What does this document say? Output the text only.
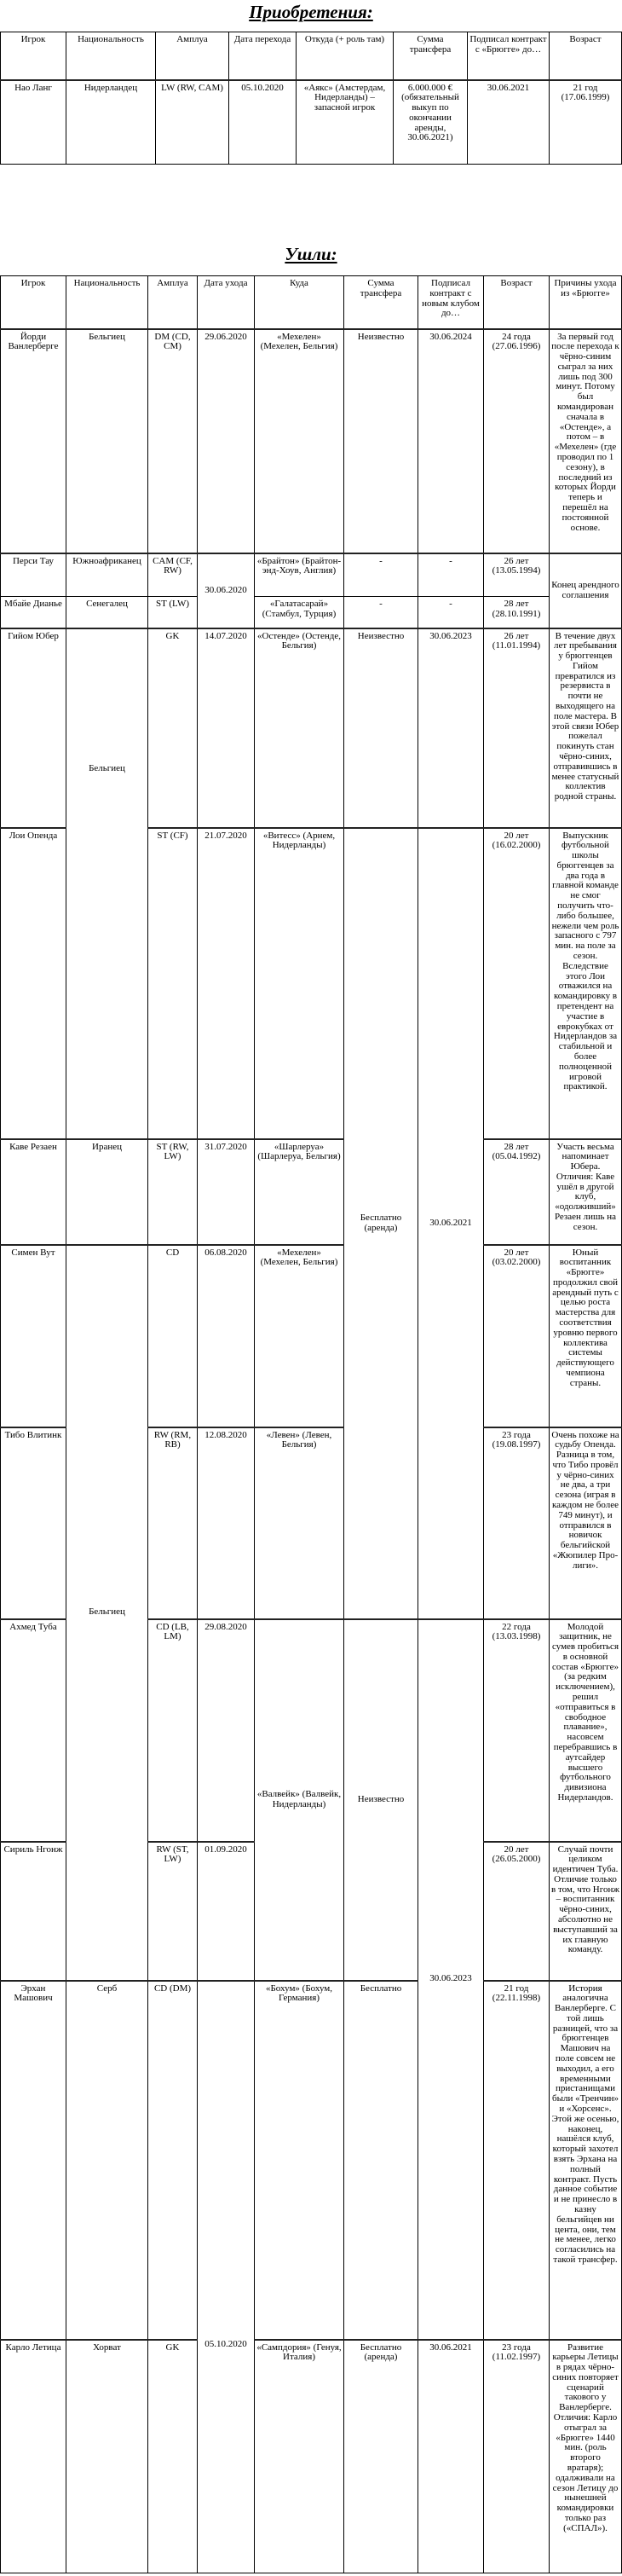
Приобретения:
Игрок	Национальность	Амплуа	Дата перехода	Откуда (+ роль там)	Сумма трансфера	Подписал контракт с «Брюгге» до…	Возраст
Нао Ланг	Нидерландец	LW (RW, CAM)	05.10.2020	«Аякс» (Амстердам, Нидерланды) – запасной игрок	6.000.000 € (обязательный выкуп по окончании аренды, 30.06.2021)	30.06.2021	21 год (17.06.1999)
Ушли:
Игрок	Национальность	Амплуа	Дата ухода	Куда	Сумма трансфера	Подписал контракт с новым клубом до…	Возраст	Причины ухода из «Брюгге»
Йорди Ванлерберге	Бельгиец	DM (CD, CM)	29.06.2020	«Мехелен» (Мехелен, Бельгия)	Неизвестно	30.06.2024	24 года (27.06.1996)	За первый год после перехода к чёрно-синим сыграл за них лишь под 300 минут. Потому был командирован сначала в «Остенде», а потом – в «Мехелен» (где проводил по 1 сезону), в последний из которых Йорди теперь и перешёл на постоянной основе.
Перси Тау	Южноафриканец	CAM (CF, RW)	30.06.2020	«Брайтон» (Брайтон-энд-Хоув, Англия)	-	-	26 лет (13.05.1994)	Конец арендного соглашения
Мбайе Дианье	Сенегалец	ST (LW)		«Галатасарай» (Стамбул, Турция)	-	-	28 лет (28.10.1991)	
Гийом Юбер	Бельгиец	GK	14.07.2020	«Остенде» (Остенде, Бельгия)	Неизвестно	30.06.2023	26 лет (11.01.1994)	В течение двух лет пребывания у брюггенцев Гийом превратился из резервиста в почти не выходящего на поле мастера. В этой связи Юбер пожелал покинуть стан чёрно-синих, отправившись в менее статусный коллектив родной страны.
Лои Опенда		ST (CF)	21.07.2020	«Витесс» (Арнем, Нидерланды)	Бесплатно (аренда)	30.06.2021	20 лет (16.02.2000)	Выпускник футбольной школы брюггенцев за два года в главной команде не смог получить что-либо большее, нежели чем роль запасного с 797 мин. на поле за сезон. Вследствие этого Лои отважился на командировку в претендент на участие в еврокубках от Нидерландов за стабильной и более полноценной игровой практикой.
Каве Резаен	Иранец	ST (RW, LW)	31.07.2020	«Шарлеруа» (Шарлеруа, Бельгия)			28 лет (05.04.1992)	Участь весьма напоминает Юбера. Отличия: Каве ушёл в другой клуб, «одолживший» Резаен лишь на сезон.
Симен Вут	Бельгиец	CD	06.08.2020	«Мехелен» (Мехелен, Бельгия)			20 лет (03.02.2000)	Юный воспитанник «Брюгге» продолжил свой арендный путь с целью роста мастерства для соответствия уровню первого коллектива системы действующего чемпиона страны.
Тибо Влитинк		RW (RM, RB)	12.08.2020	«Левен» (Левен, Бельгия)			23 года (19.08.1997)	Очень похоже на судьбу Опенда. Разница в том, что Тибо провёл у чёрно-синих не два, а три сезона (играя в каждом не более 749 минут), и отправился в новичок бельгийской «Жюпилер Про-лиги».
Ахмед Туба		CD (LB, LM)	29.08.2020	«Валвейк» (Валвейк, Нидерланды)	Неизвестно	30.06.2023	22 года (13.03.1998)	Молодой защитник, не сумев пробиться в основной состав «Брюгге» (за редким исключением), решил «отправиться в свободное плавание», насовсем перебравшись в аутсайдер высшего футбольного дивизиона Нидерландов.
Сириль Нгонж		RW (ST, LW)	01.09.2020				20 лет (26.05.2000)	Случай почти целиком идентичен Туба. Отличие только в том, что Нгонж – воспитанник чёрно-синих, абсолютно не выступавший за их главную команду.
Эрхан Машович	Серб	CD (DM)	05.10.2020	«Бохум» (Бохум, Германия)	Бесплатно		21 год (22.11.1998)	История аналогична Ванлерберге. С той лишь разницей, что за брюггенцев Машович на поле совсем не выходил, а его временными пристанищами были «Тренчин» и «Хорсенс». Этой же осенью, наконец, нашёлся клуб, который захотел взять Эрхана на полный контракт. Пусть данное событие и не принесло в казну бельгийцев ни цента, они, тем не менее, легко согласились на такой трансфер.
Карло Летица	Хорват	GK		«Сампдория» (Генуя, Италия)	Бесплатно (аренда)	30.06.2021	23 года (11.02.1997)	Развитие карьеры Летицы в рядах чёрно-синих повторяет сценарий такового у Ванлерберге. Отличия: Карло отыграл за «Брюгге» 1440 мин. (роль второго вратаря); одалживали на сезон Летицу до нынешней командировки только раз («СПАЛ»).
